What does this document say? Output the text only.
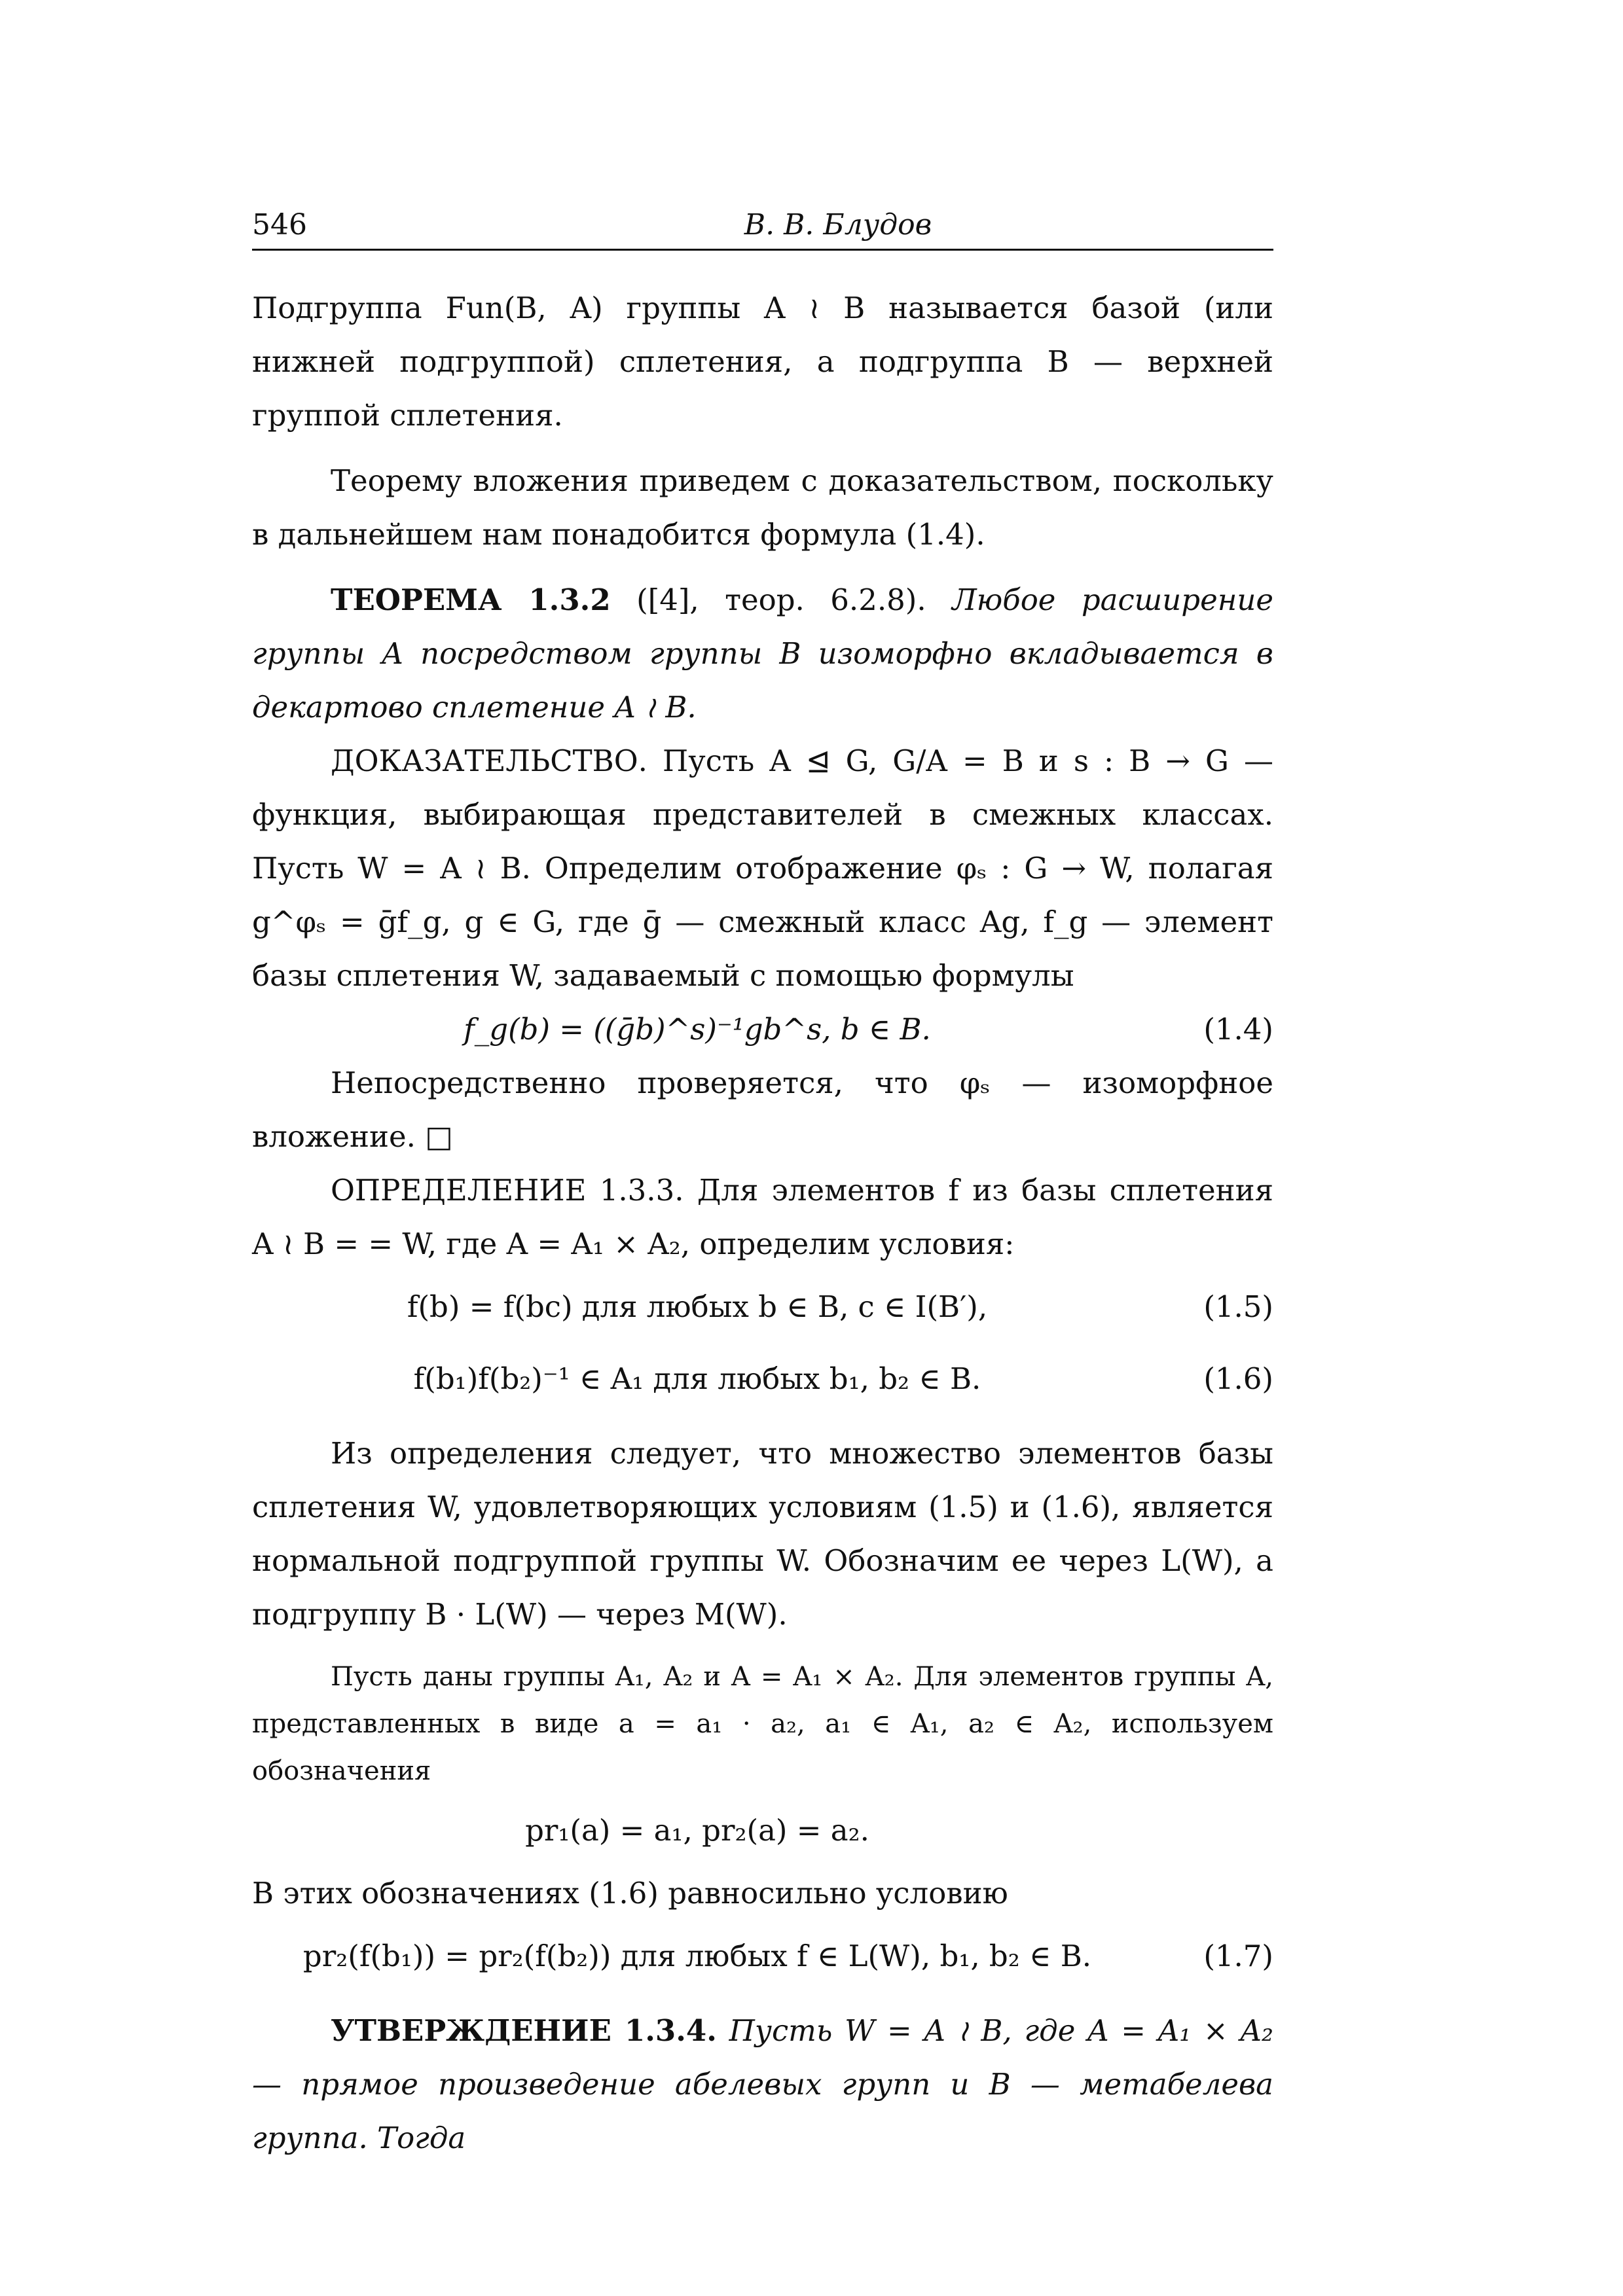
546	В. В. Блудов

Подгруппа Fun(B, A) группы A ≀ B называется базой (или нижней подгруппой) сплетения, а подгруппа B — верхней группой сплетения.

Теорему вложения приведем с доказательством, поскольку в дальнейшем нам понадобится формула (1.4).

ТЕОРЕМА 1.3.2 ([4], теор. 6.2.8). Любое расширение группы A посредством группы B изоморфно вкладывается в декартово сплетение A ≀ B.

ДОКАЗАТЕЛЬСТВО. Пусть A ⊴ G, G/A = B и s : B → G — функция, выбирающая представителей в смежных классах. Пусть W = A ≀ B. Определим отображение φₛ : G → W, полагая g^φₛ = ḡf_g, g ∈ G, где ḡ — смежный класс Ag, f_g — элемент базы сплетения W, задаваемый с помощью формулы

f_g(b) = ((ḡb)^s)⁻¹gb^s, b ∈ B.	(1.4)

Непосредственно проверяется, что φₛ — изоморфное вложение. □

ОПРЕДЕЛЕНИЕ 1.3.3. Для элементов f из базы сплетения A ≀ B = = W, где A = A₁ × A₂, определим условия:

f(b) = f(bc) для любых b ∈ B, c ∈ I(B′),	(1.5)
f(b₁)f(b₂)⁻¹ ∈ A₁ для любых b₁, b₂ ∈ B.	(1.6)

Из определения следует, что множество элементов базы сплетения W, удовлетворяющих условиям (1.5) и (1.6), является нормальной подгруппой группы W. Обозначим ее через L(W), а подгруппу B · L(W) — через M(W).

Пусть даны группы A₁, A₂ и A = A₁ × A₂. Для элементов группы A, представленных в виде a = a₁ · a₂, a₁ ∈ A₁, a₂ ∈ A₂, используем обозначения

pr₁(a) = a₁, pr₂(a) = a₂.

В этих обозначениях (1.6) равносильно условию

pr₂(f(b₁)) = pr₂(f(b₂)) для любых f ∈ L(W), b₁, b₂ ∈ B.	(1.7)

УТВЕРЖДЕНИЕ 1.3.4. Пусть W = A ≀ B, где A = A₁ × A₂ — прямое произведение абелевых групп и B — метабелева группа. Тогда
